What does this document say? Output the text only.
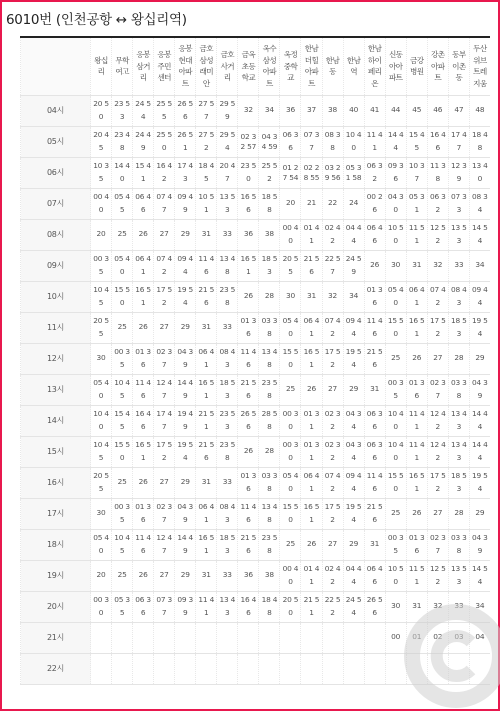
6010번 (인천공항 ↔ 왕십리역)
	왕십리	무학여고	응봉삼거리	응봉주민센터	응봉현대아파트	금호삼성래미안	금호사거리	금옥초등학교	옥수삼성아파트	옥정중학교	한남더힐아파트	한남동	한남역	한남하이페리온	신동아아파트	금강병원	강촌아파트	동부이촌동	두산위브트레지움
04시	20 50	23 53	24 54	25 55	26 56	27 57	29 59	32	34	36	37	38	40	41	44	45	46	47	48
05시	20 45	23 48	24 49	25 50	26 51	27 52	29 54	02 32 57	04 34 59	06 36	07 37	08 38	10 40	11 41	14 44	15 45	16 46	17 47	18 48
06시	10 35	14 40	15 41	16 42	17 43	18 45	20 47	23 50	25 52	01 27 54	02 28 55	03 29 56	05 31 58	06 32	09 36	10 37	11 38	12 39	13 40
07시	00 40	05 45	06 46	07 47	09 49	10 51	13 53	16 56	18 58	20	21	22	24	00 26	04 30	05 31	06 32	07 33	08 34
08시	20	25	26	27	29	31	33	36	38	00 40	01 41	02 42	04 44	06 46	10 50	11 51	12 52	13 53	14 54
09시	00 35	05 40	06 41	07 42	09 44	11 46	13 48	16 51	18 53	20 55	21 56	22 57	24 59	26	30	31	32	33	34
10시	10 45	15 50	16 51	17 52	19 54	21 56	23 58	26	28	30	31	32	34	01 36	05 40	06 41	07 42	08 43	09 44
11시	20 55	25	26	27	29	31	33	01 36	03 38	05 40	06 41	07 42	09 44	11 46	15 50	16 51	17 52	18 53	19 54
12시	30	00 35	01 36	02 37	04 39	06 41	08 43	11 46	13 48	15 50	16 51	17 52	19 54	21 56	25	26	27	28	29
13시	05 40	10 45	11 46	12 47	14 49	16 51	18 53	21 56	23 58	25	26	27	29	31	00 35	01 36	02 37	03 38	04 39
14시	10 40	15 45	16 46	17 47	19 49	21 51	23 53	26 56	28 58	00 30	01 31	02 32	04 34	06 36	10 40	11 41	12 42	13 43	14 44
15시	10 45	15 50	16 51	17 52	19 54	21 56	23 58	26	28	00 30	01 31	02 32	04 34	06 36	10 40	11 41	12 42	13 43	14 44
16시	20 55	25	26	27	29	31	33	01 36	03 38	05 40	06 41	07 42	09 44	11 46	15 50	16 51	17 52	18 53	19 54
17시	30	00 35	01 36	02 37	04 39	06 41	08 43	11 46	13 48	15 50	16 51	17 52	19 54	21 56	25	26	27	28	29
18시	05 40	10 45	11 46	12 47	14 49	16 51	18 53	21 56	23 58	25	26	27	29	31	00 35	01 36	02 37	03 38	04 39
19시	20	25	26	27	29	31	33	36	38	00 40	01 41	02 42	04 44	06 46	10 50	11 51	12 52	13 53	14 54
20시	00 30	05 35	06 36	07 37	09 39	11 41	13 43	16 46	18 48	20 50	21 51	22 52	24 54	26 56	30	31	32	33	34
21시															00	01	02	03	04
22시																			
